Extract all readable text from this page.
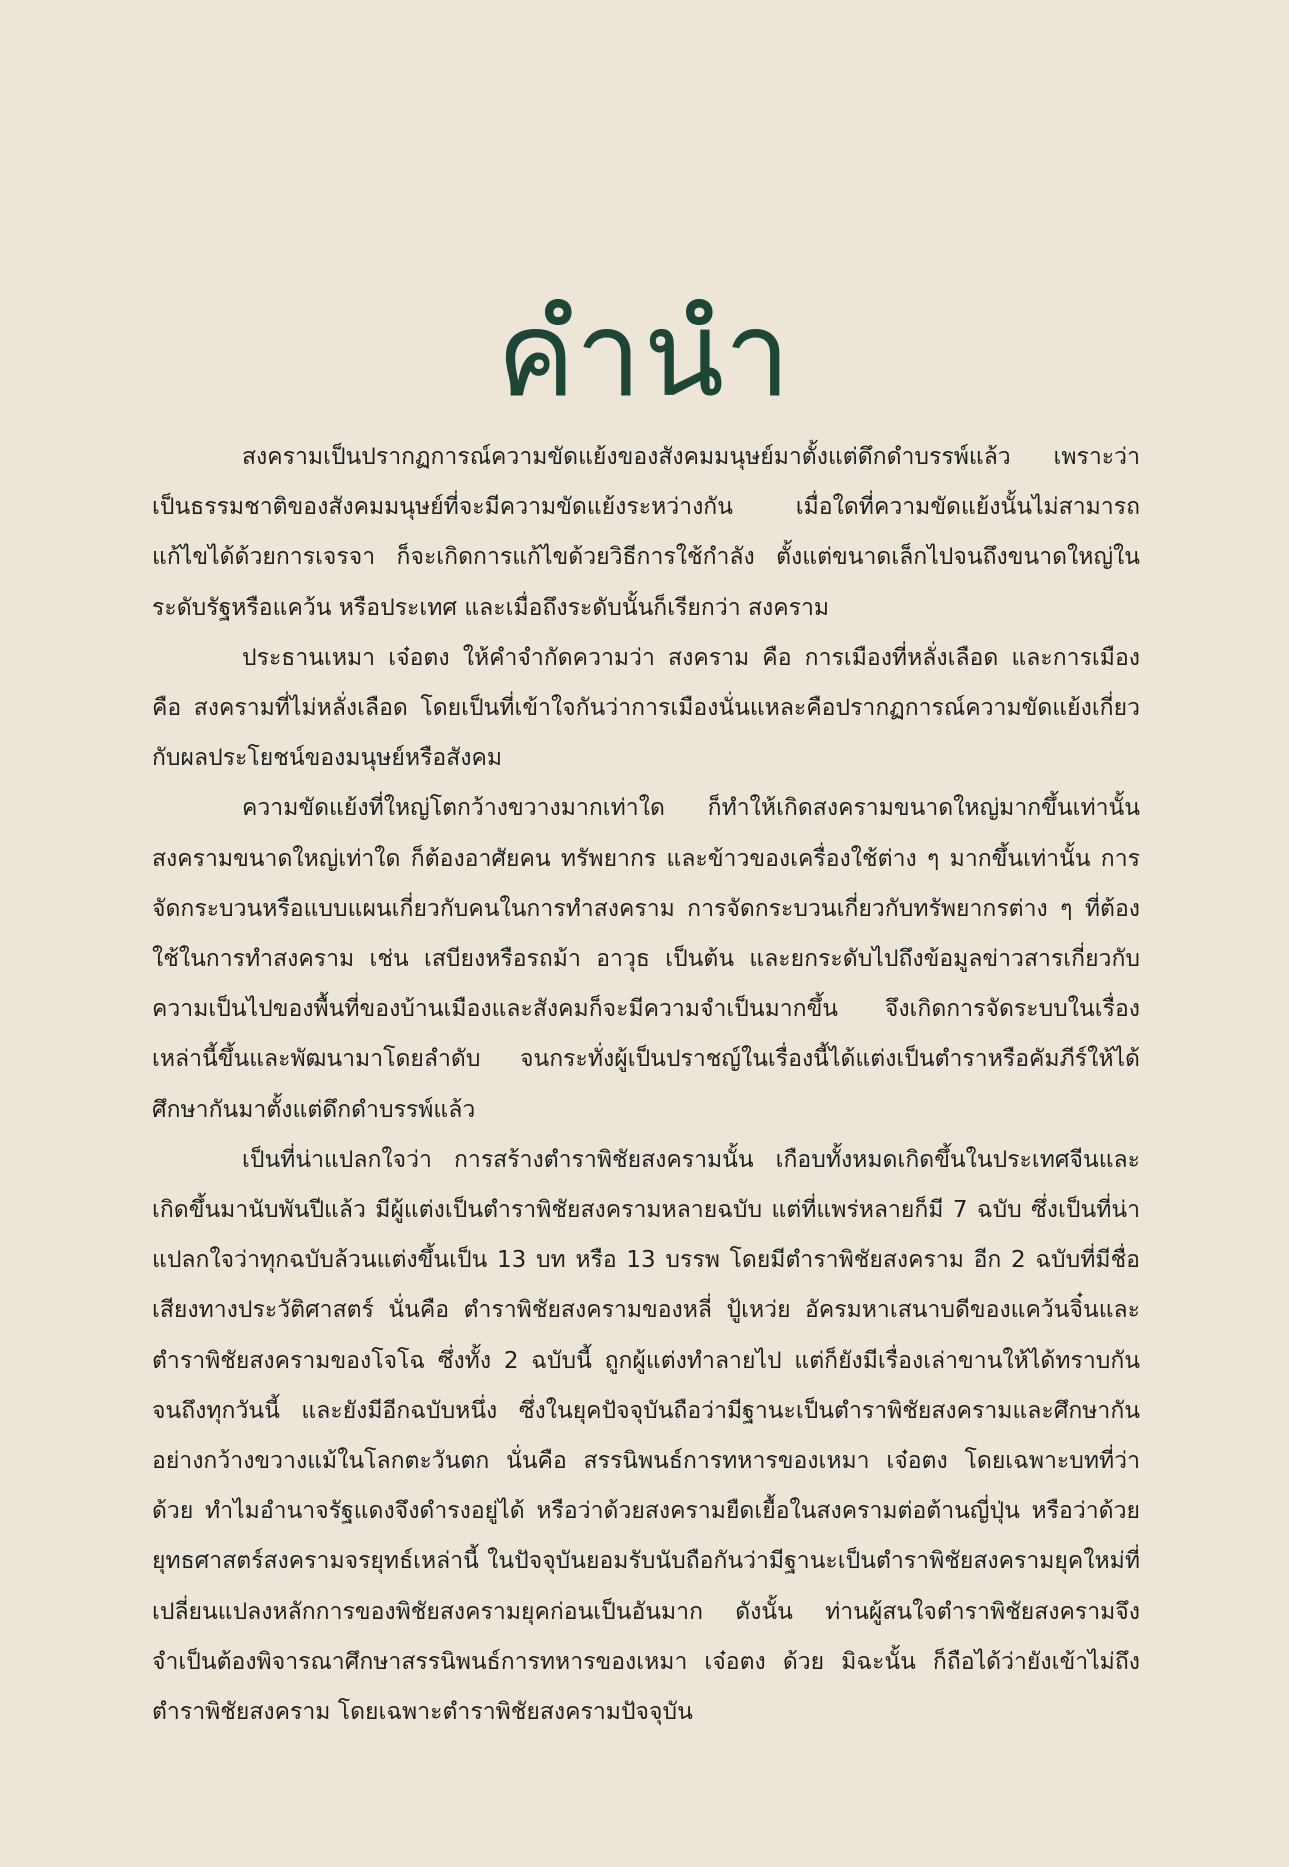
คำนำ

สงครามเป็นปรากฏการณ์ความขัดแย้งของสังคมมนุษย์มาตั้งแต่ดึกดำบรรพ์แล้ว เพราะว่าเป็นธรรมชาติของสังคมมนุษย์ที่จะมีความขัดแย้งระหว่างกัน เมื่อใดที่ความขัดแย้งนั้นไม่สามารถแก้ไขได้ด้วยการเจรจา ก็จะเกิดการแก้ไขด้วยวิธีการใช้กำลัง ตั้งแต่ขนาดเล็กไปจนถึงขนาดใหญ่ในระดับรัฐหรือแคว้น หรือประเทศ และเมื่อถึงระดับนั้นก็เรียกว่า สงคราม

ประธานเหมา เจ๋อตง ให้คำจำกัดความว่า สงคราม คือ การเมืองที่หลั่งเลือด และการเมือง คือ สงครามที่ไม่หลั่งเลือด โดยเป็นที่เข้าใจกันว่าการเมืองนั่นแหละคือปรากฏการณ์ความขัดแย้งเกี่ยวกับผลประโยชน์ของมนุษย์หรือสังคม

ความขัดแย้งที่ใหญ่โตกว้างขวางมากเท่าใด ก็ทำให้เกิดสงครามขนาดใหญ่มากขึ้นเท่านั้น สงครามขนาดใหญ่เท่าใด ก็ต้องอาศัยคน ทรัพยากร และข้าวของเครื่องใช้ต่าง ๆ มากขึ้นเท่านั้น การจัดกระบวนหรือแบบแผนเกี่ยวกับคนในการทำสงคราม การจัดกระบวนเกี่ยวกับทรัพยากรต่าง ๆ ที่ต้องใช้ในการทำสงคราม เช่น เสบียงหรือรถม้า อาวุธ เป็นต้น และยกระดับไปถึงข้อมูลข่าวสารเกี่ยวกับความเป็นไปของพื้นที่ของบ้านเมืองและสังคมก็จะมีความจำเป็นมากขึ้น จึงเกิดการจัดระบบในเรื่องเหล่านี้ขึ้นและพัฒนามาโดยลำดับ จนกระทั่งผู้เป็นปราชญ์ในเรื่องนี้ได้แต่งเป็นตำราหรือคัมภีร์ให้ได้ศึกษากันมาตั้งแต่ดึกดำบรรพ์แล้ว

เป็นที่น่าแปลกใจว่า การสร้างตำราพิชัยสงครามนั้น เกือบทั้งหมดเกิดขึ้นในประเทศจีนและเกิดขึ้นมานับพันปีแล้ว มีผู้แต่งเป็นตำราพิชัยสงครามหลายฉบับ แต่ที่แพร่หลายก็มี 7 ฉบับ ซึ่งเป็นที่น่าแปลกใจว่าทุกฉบับล้วนแต่งขึ้นเป็น 13 บท หรือ 13 บรรพ โดยมีตำราพิชัยสงคราม อีก 2 ฉบับที่มีชื่อเสียงทางประวัติศาสตร์ นั่นคือ ตำราพิชัยสงครามของหลี่ ปู้เหว่ย อัครมหาเสนาบดีของแคว้นจิ๋นและตำราพิชัยสงครามของโจโฉ ซึ่งทั้ง 2 ฉบับนี้ ถูกผู้แต่งทำลายไป แต่ก็ยังมีเรื่องเล่าขานให้ได้ทราบกันจนถึงทุกวันนี้ และยังมีอีกฉบับหนึ่ง ซึ่งในยุคปัจจุบันถือว่ามีฐานะเป็นตำราพิชัยสงครามและศึกษากันอย่างกว้างขวางแม้ในโลกตะวันตก นั่นคือ สรรนิพนธ์การทหารของเหมา เจ๋อตง โดยเฉพาะบทที่ว่าด้วย ทำไมอำนาจรัฐแดงจึงดำรงอยู่ได้ หรือว่าด้วยสงครามยืดเยื้อในสงครามต่อต้านญี่ปุ่น หรือว่าด้วยยุทธศาสตร์สงครามจรยุทธ์เหล่านี้ ในปัจจุบันยอมรับนับถือกันว่ามีฐานะเป็นตำราพิชัยสงครามยุคใหม่ที่เปลี่ยนแปลงหลักการของพิชัยสงครามยุคก่อนเป็นอันมาก ดังนั้น ท่านผู้สนใจตำราพิชัยสงครามจึงจำเป็นต้องพิจารณาศึกษาสรรนิพนธ์การทหารของเหมา เจ๋อตง ด้วย มิฉะนั้น ก็ถือได้ว่ายังเข้าไม่ถึงตำราพิชัยสงคราม โดยเฉพาะตำราพิชัยสงครามปัจจุบัน
